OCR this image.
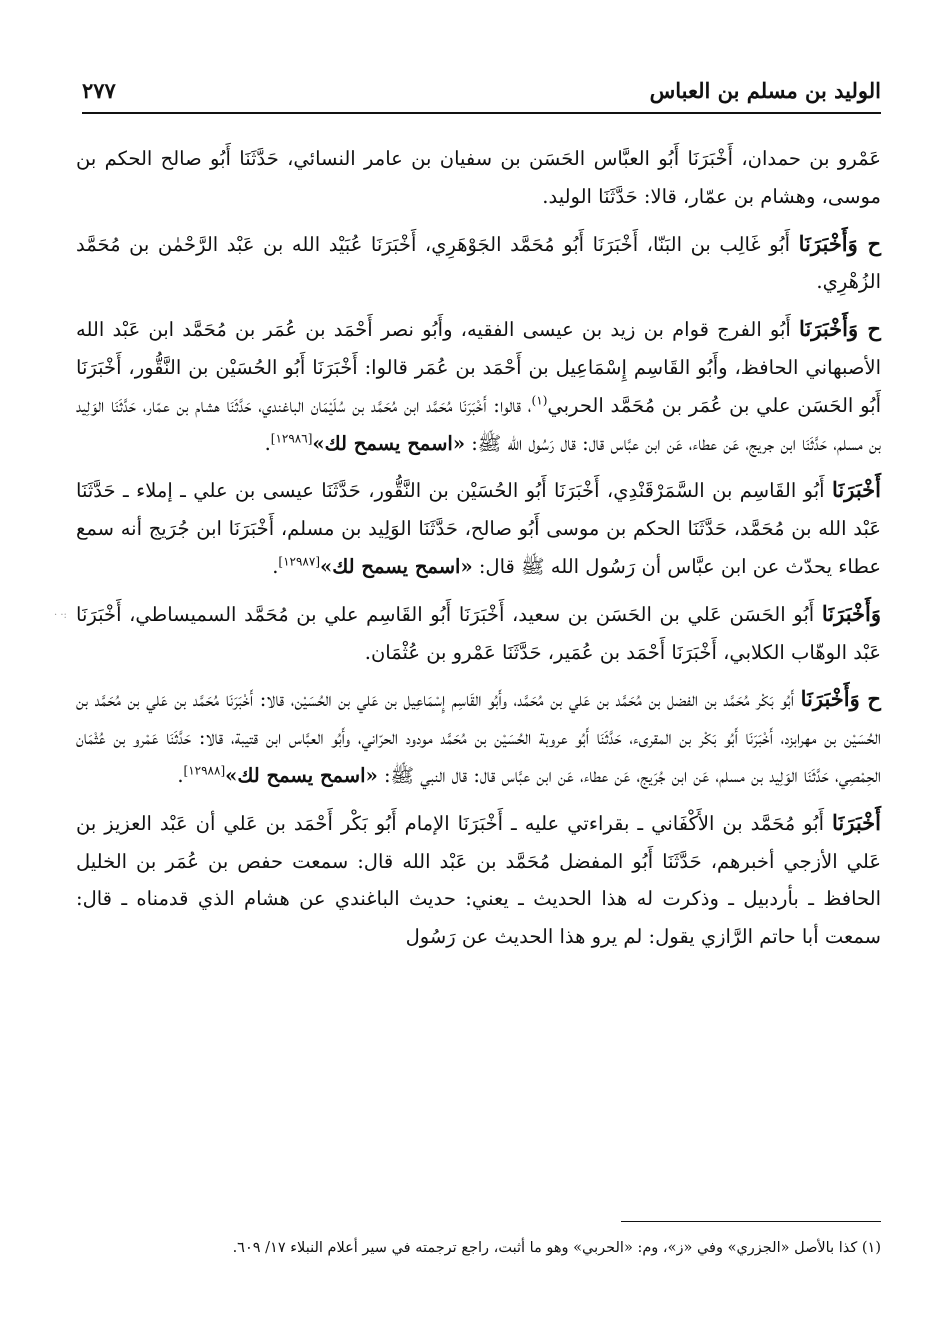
الوليد بن مسلم بن العباس
٢٧٧

عَمْرو بن حمدان، أَخْبَرَنَا أَبُو العبَّاس الحَسَن بن سفيان بن عامر النسائي، حَدَّثَنَا أَبُو صالح الحكم بن موسى، وهشام بن عمّار، قالا: حَدَّثَنَا الوليد.

ح وَأَخْبَرَنَا أَبُو غَالِب بن البَنّا، أَخْبَرَنَا أَبُو مُحَمَّد الجَوْهَرِي، أَخْبَرَنَا عُبَيْد الله بن عَبْد الرَّحْمٰن بن مُحَمَّد الزُهْرِي.

ح وَأَخْبَرَنَا أَبُو الفرج قوام بن زيد بن عيسى الفقيه، وأَبُو نصر أَحْمَد بن عُمَر بن مُحَمَّد ابن عَبْد الله الأصبهاني الحافظ، وأَبُو القَاسِم إِسْمَاعِيل بن أَحْمَد بن عُمَر قالوا: أَخْبَرَنَا أَبُو الحُسَيْن بن النَّقُّور، أَخْبَرَنَا أَبُو الحَسَن علي بن عُمَر بن مُحَمَّد الحربي$^{(١)}$، قالوا: أَخْبَرَنَا مُحَمَّد ابن مُحَمَّد بن سُلَيْمَان الباغندي، حَدَّثَنَا هشام بن عمّار، حَدَّثَنَا الوَلِيد بن مسلم، حَدَّثَنَا ابن جريج، عَن عطاء، عَن ابن عبَّاس قال: قال رَسُول الله ﷺ: «اسمح يسمح لك»[١٢٩٨٦].

أَخْبَرَنَا أَبُو القَاسِم بن السَّمَرْقَنْدِي، أَخْبَرَنَا أَبُو الحُسَيْن بن النَّقُّور، حَدَّثَنَا عيسى بن علي ـ إملاء ـ حَدَّثَنَا عَبْد الله بن مُحَمَّد، حَدَّثَنَا الحكم بن موسى أَبُو صالح، حَدَّثَنَا الوَلِيد بن مسلم، أَخْبَرَنَا ابن جُرَيج أنه سمع عطاء يحدّث عن ابن عبَّاس أن رَسُول الله ﷺ قال: «اسمح يسمح لك»[١٢٩٨٧].

وَأَخْبَرَنَا أَبُو الحَسَن عَلي بن الحَسَن بن سعيد، أَخْبَرَنَا أَبُو القَاسِم علي بن مُحَمَّد السميساطي، أَخْبَرَنَا عَبْد الوهّاب الكلابي، أَخْبَرَنَا أَحْمَد بن عُمَير، حَدَّثَنَا عَمْرو بن عُثْمَان.

ح وَأَخْبَرَنَا أَبُو بَكْر مُحَمَّد بن الفضل بن مُحَمَّد بن عَلي بن مُحَمَّد، وأَبُو القَاسِم إِسْمَاعِيل بن عَلي بن الحُسَيْن، قالا: أَخْبَرَنَا مُحَمَّد بن عَلي بن مُحَمَّد بن الحُسَيْن بن مهرابزد، أَخْبَرَنَا أَبُو بَكْر بن المقرىء، حَدَّثَنَا أَبُو عروبة الحُسَيْن بن مُحَمَّد مودود الحرّاني، وأَبُو العبَّاس ابن قتيبة، قالا: حَدَّثَنَا عَمْرو بن عُثْمَان الحِمْصِي، حَدَّثَنَا الوَلِيد بن مسلم، عَن ابن جُرَيج، عَن عطاء، عَن ابن عبَّاس قال: قال النبي ﷺ: «اسمح يسمح لك»[١٢٩٨٨].

أَخْبَرَنَا أَبُو مُحَمَّد بن الأَكْفَاني ـ بقراءتي عليه ـ أَخْبَرَنَا الإمام أَبُو بَكْر أَحْمَد بن عَلي أن عَبْد العزيز بن عَلي الأزجي أخبرهم، حَدَّثَنَا أَبُو المفضل مُحَمَّد بن عَبْد الله قال: سمعت حفص بن عُمَر بن الخليل الحافظ ـ بأردبيل ـ وذكرت له هذا الحديث ـ يعني: حديث الباغندي عن هشام الذي قدمناه ـ قال: سمعت أبا حاتم الرَّازي يقول: لم يرو هذا الحديث عن رَسُول

(١) كذا بالأصل «الجزري» وفي «ز»، وم: «الحربي» وهو ما أثبت، راجع ترجمته في سير أعلام النبلاء ١٧/ ٦٠٩.
· ·:
